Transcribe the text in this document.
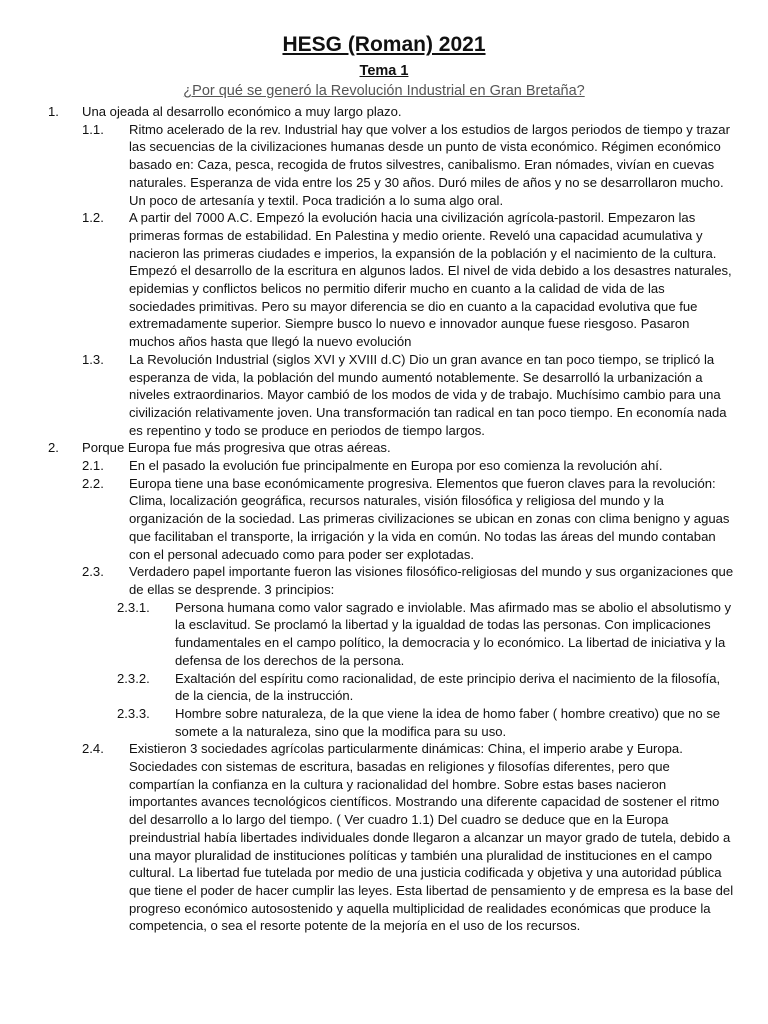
HESG (Roman) 2021
Tema 1
¿Por qué se generó la Revolución Industrial en Gran Bretaña?
1. Una ojeada al desarrollo económico a muy largo plazo.
1.1. Ritmo acelerado de la rev. Industrial hay que volver a los estudios de largos periodos de tiempo y trazar las secuencias de la civilizaciones humanas desde un punto de vista económico. Régimen económico basado en: Caza, pesca, recogida de frutos silvestres, canibalismo. Eran nómades, vivían en cuevas naturales. Esperanza de vida entre los 25 y 30 años. Duró miles de años y no se desarrollaron mucho. Un poco de artesanía y textil. Poca tradición a lo suma algo oral.
1.2. A partir del 7000 A.C. Empezó la evolución hacia una civilización agrícola-pastoril. Empezaron las primeras formas de estabilidad. En Palestina y medio oriente. Reveló una capacidad acumulativa y nacieron las primeras ciudades e imperios, la expansión de la población y el nacimiento de la cultura. Empezó el desarrollo de la escritura en algunos lados. El nivel de vida debido a los desastres naturales, epidemias y conflictos belicos no permitio diferir mucho en cuanto a la calidad de vida de las sociedades primitivas. Pero su mayor diferencia se dio en cuanto a la capacidad evolutiva que fue extremadamente superior. Siempre busco lo nuevo e innovador aunque fuese riesgoso. Pasaron muchos años hasta que llegó la nuevo evolución
1.3. La Revolución Industrial (siglos XVI y XVIII d.C) Dio un gran avance en tan poco tiempo, se triplicó la esperanza de vida, la población del mundo aumentó notablemente. Se desarrolló la urbanización a niveles extraordinarios. Mayor cambió de los modos de vida y de trabajo. Muchísimo cambio para una civilización relativamente joven. Una transformación tan radical en tan poco tiempo. En economía nada es repentino y todo se produce en periodos de tiempo largos.
2. Porque Europa fue más progresiva que otras aéreas.
2.1. En el pasado la evolución fue principalmente en Europa por eso comienza la revolución ahí.
2.2. Europa tiene una base económicamente progresiva. Elementos que fueron claves para la revolución: Clima, localización geográfica, recursos naturales, visión filosófica y religiosa del mundo y la organización de la sociedad. Las primeras civilizaciones se ubican en zonas con clima benigno y aguas que facilitaban el transporte, la irrigación y la vida en común. No todas las áreas del mundo contaban con el personal adecuado como para poder ser explotadas.
2.3. Verdadero papel importante fueron las visiones filosófico-religiosas del mundo y sus organizaciones que de ellas se desprende. 3 principios:
2.3.1. Persona humana como valor sagrado e inviolable. Mas afirmado mas se abolio el absolutismo y la esclavitud. Se proclamó la libertad y la igualdad de todas las personas. Con implicaciones fundamentales en el campo político, la democracia y lo económico. La libertad de iniciativa y la defensa de los derechos de la persona.
2.3.2. Exaltación del espíritu como racionalidad, de este principio deriva el nacimiento de la filosofía, de la ciencia, de la instrucción.
2.3.3. Hombre sobre naturaleza, de la que viene la idea de homo faber ( hombre creativo) que no se somete a la naturaleza, sino que la modifica para su uso.
2.4. Existieron 3 sociedades agrícolas particularmente dinámicas: China, el imperio arabe y Europa. Sociedades con sistemas de escritura, basadas en religiones y filosofías diferentes, pero que compartían la confianza en la cultura y racionalidad del hombre. Sobre estas bases nacieron importantes avances tecnológicos científicos. Mostrando una diferente capacidad de sostener el ritmo del desarrollo a lo largo del tiempo. ( Ver cuadro 1.1) Del cuadro se deduce que en la Europa preindustrial había libertades individuales donde llegaron a alcanzar un mayor grado de tutela, debido a una mayor pluralidad de instituciones políticas y también una pluralidad de instituciones en el campo cultural. La libertad fue tutelada por medio de una justicia codificada y objetiva y una autoridad pública que tiene el poder de hacer cumplir las leyes. Esta libertad de pensamiento y de empresa es la base del progreso económico autosostenido y aquella multiplicidad de realidades económicas que produce la competencia, o sea el resorte potente de la mejoría en el uso de los recursos.
